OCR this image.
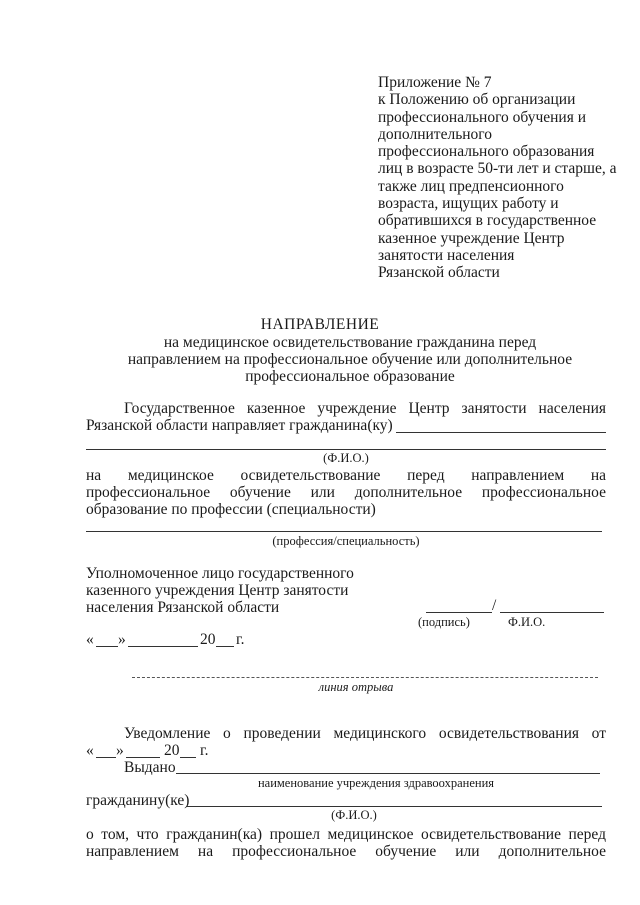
Приложение № 7
к Положению об организации
профессионального обучения и
дополнительного
профессионального образования
лиц в возрасте 50-ти лет и старше, а
также лиц предпенсионного
возраста, ищущих работу и
обратившихся в государственное
казенное учреждение Центр
занятости населения
Рязанской области
НАПРАВЛЕНИЕ
на медицинское освидетельствование гражданина перед
направлением на профессиональное обучение или дополнительное
профессиональное образование
Государственное казенное учреждение Центр занятости населения
Рязанской области направляет гражданина(ку)
(Ф.И.О.)
на медицинское освидетельствование перед направлением на
профессиональное обучение или дополнительное профессиональное
образование по профессии (специальности)
(профессия/специальность)
Уполномоченное лицо государственного
казенного учреждения Центр занятости
населения Рязанской области	/
(подпись)	Ф.И.О.
« »	20 г.
линия отрыва
Уведомление о проведении медицинского освидетельствования от
« »	20 г.
Выдано
наименование учреждения здравоохранения
гражданину(ке)
(Ф.И.О.)
о том, что гражданин(ка) прошел медицинское освидетельствование перед
направлением на профессиональное обучение или дополнительное
